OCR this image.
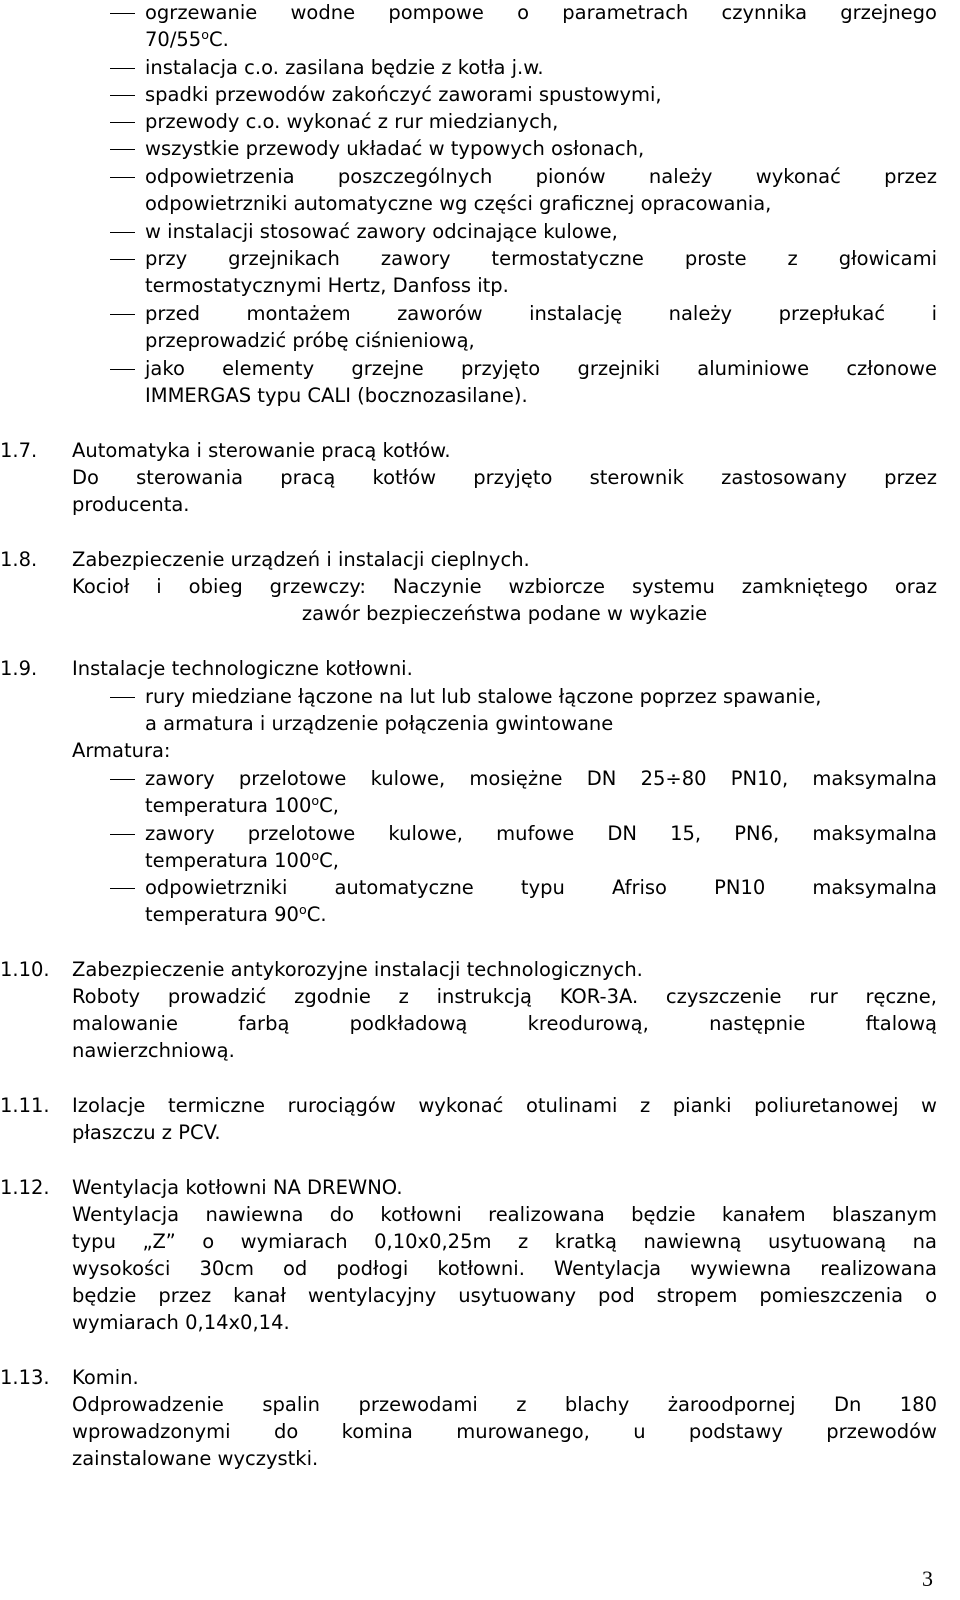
ogrzewanie wodne pompowe o parametrach czynnika grzejnego
70/55$^o$C.
instalacja c.o. zasilana będzie z kotła j.w.
spadki przewodów zakończyć zaworami spustowymi,
przewody c.o. wykonać z rur miedzianych,
wszystkie przewody układać w typowych osłonach,
odpowietrzenia poszczególnych pionów należy wykonać przez
odpowietrzniki automatyczne wg części graficznej opracowania,
w instalacji stosować zawory odcinające kulowe,
przy grzejnikach zawory termostatyczne proste z głowicami
termostatycznymi Hertz, Danfoss itp.
przed montażem zaworów instalację należy przepłukać i
przeprowadzić próbę ciśnieniową,
jako elementy grzejne przyjęto grzejniki aluminiowe członowe
IMMERGAS typu CALI (bocznozasilane).
1.7. Automatyka i sterowanie pracą kotłów.
Do sterowania pracą kotłów przyjęto sterownik zastosowany przez
producenta.
1.8. Zabezpieczenie urządzeń i instalacji cieplnych.
Kocioł i obieg grzewczy: Naczynie wzbiorcze systemu zamkniętego oraz
zawór bezpieczeństwa podane w wykazie
1.9. Instalacje technologiczne kotłowni.
rury miedziane łączone na lut lub stalowe łączone poprzez spawanie,
a armatura i urządzenie połączenia gwintowane
Armatura:
zawory przelotowe kulowe, mosiężne DN 25÷80 PN10, maksymalna
temperatura 100$^o$C,
zawory przelotowe kulowe, mufowe DN 15, PN6, maksymalna
temperatura 100$^o$C,
odpowietrzniki automatyczne typu Afriso PN10 maksymalna
temperatura 90$^o$C.
1.10. Zabezpieczenie antykorozyjne instalacji technologicznych.
Roboty prowadzić zgodnie z instrukcją KOR-3A. czyszczenie rur ręczne,
malowanie farbą podkładową kreodurową, następnie ftalową
nawierzchniową.
1.11. Izolacje termiczne rurociągów wykonać otulinami z pianki poliuretanowej w
płaszczu z PCV.
1.12. Wentylacja kotłowni NA DREWNO.
Wentylacja nawiewna do kotłowni realizowana będzie kanałem blaszanym
typu „Z” o wymiarach 0,10x0,25m z kratką nawiewną usytuowaną na
wysokości 30cm od podłogi kotłowni. Wentylacja wywiewna realizowana
będzie przez kanał wentylacyjny usytuowany pod stropem pomieszczenia o
wymiarach 0,14x0,14.
1.13. Komin.
Odprowadzenie spalin przewodami z blachy żaroodpornej Dn 180
wprowadzonymi do komina murowanego, u podstawy przewodów
zainstalowane wyczystki.
3
